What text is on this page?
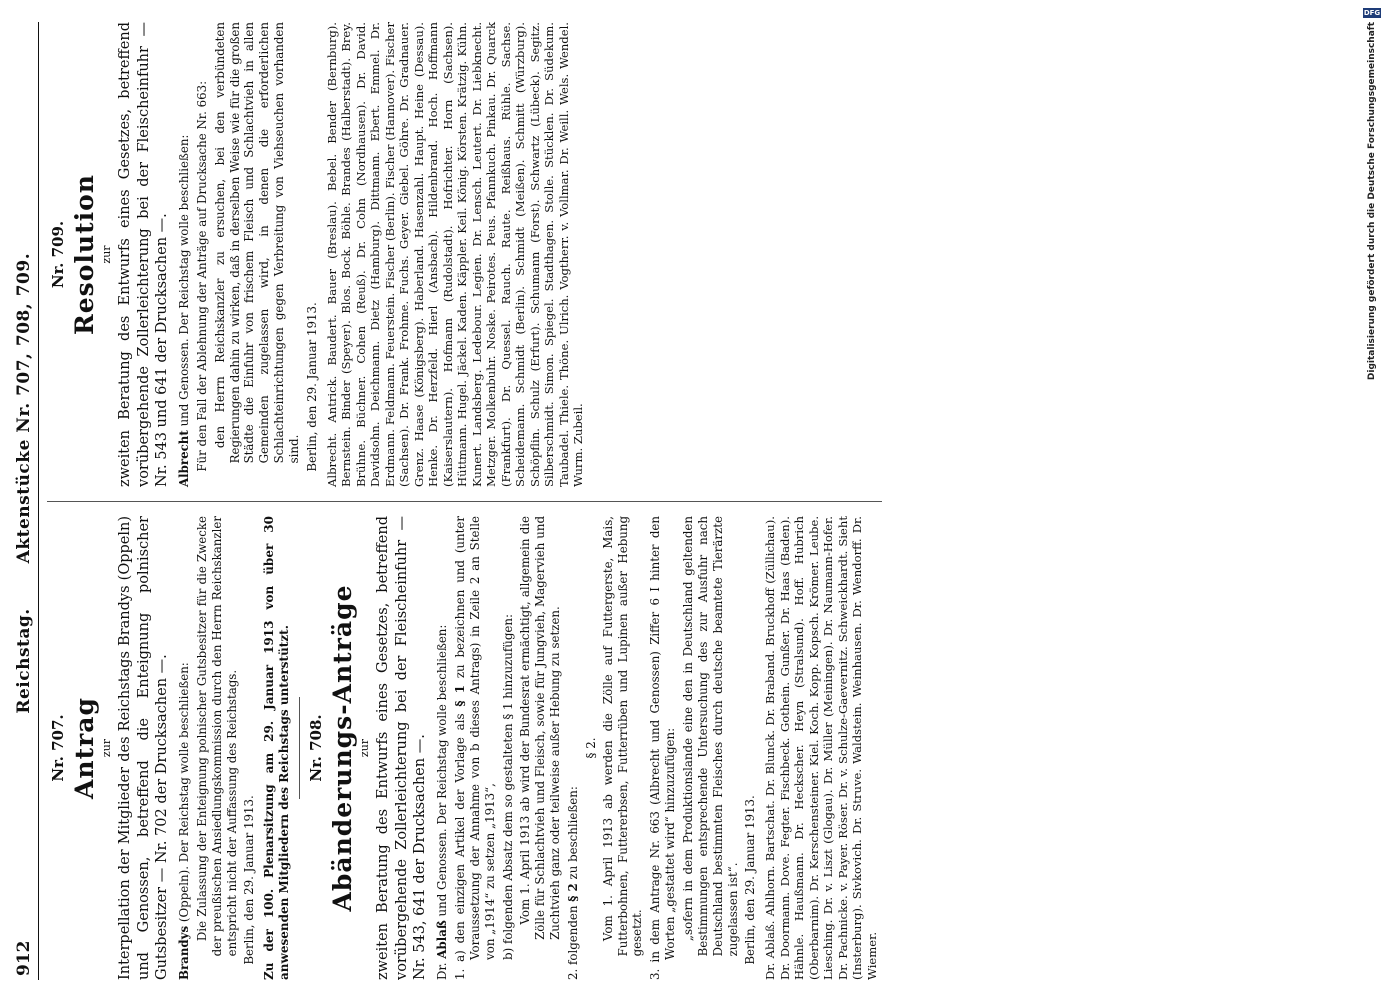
912
Reichstag.       Aktenstücke Nr. 707, 708, 709.
Nr. 707. Antrag zur Interpellation der Mitglieder des Reichstags Brandys (Oppeln) und Genossen, betreffend die Enteignung polnischer Gutsbesitzer — Nr. 702 der Drucksachen —. Brandys (Oppeln). Der Reichstag wolle beschließen: Die Zulassung der Enteignung polnischer Gutsbesitzer für die Zwecke der preußischen Ansiedlungskommission durch den Herrn Reichskanzler entspricht nicht der Auffassung des Reichstags. Berlin, den 29. Januar 1913. Zu der 100. Plenarsitzung am 29. Januar 1913 von über 30 anwesenden Mitgliedern des Reichstags unterstützt. Nr. 708. Abänderungs-Anträge zur zweiten Beratung des Entwurfs eines Gesetzes, betreffend vorübergehende Zollerleichterung bei der Fleischeinfuhr — Nr. 543, 641 der Drucksachen —. Dr. Ablaß und Genossen. Der Reichstag wolle beschließen: 1. a) den einzigen Artikel der Vorlage als § 1 zu bezeichnen und (unter Voraussetzung der Annahme von b dieses Antrags) in Zeile 2 an Stelle von „1914“ zu setzen „1913“, b) folgenden Absatz dem so gestalteten § 1 hinzuzufügen: Vom 1. April 1913 ab wird der Bundesrat ermächtigt, allgemein die Zölle für Schlachtvieh und Fleisch, sowie für Jungvieh, Magervieh und Zuchtvieh ganz oder teilweise außer Hebung zu setzen.

2. folgenden § 2 zu beschließen:

§ 2. Vom 1. April 1913 ab werden die Zölle auf Futtergerste, Mais, Futterbohnen, Futtererbsen, Futterrüben und Lupinen außer Hebung gesetzt. 3. in dem Antrage Nr. 663 (Albrecht und Genossen) Ziffer 6 I hinter den Worten „gestattet wird“ hinzuzufügen: „sofern in dem Produktionslande eine den in Deutschland geltenden Bestimmungen entsprechende Untersuchung des zur Ausfuhr nach Deutschland bestimmten Fleisches durch deutsche beamtete Tierärzte zugelassen ist“. Berlin, den 29. Januar 1913. Dr. Ablaß. Ahlhorn. Bartschat. Dr. Blunck. Dr. Braband. Bruckhoff (Züllichau). Dr. Doormann. Dove. Fegter. Fischbeck. Gothein. Gunßer. Dr. Haas (Baden). Hähnle. Haußmann. Dr. Heckscher. Heyn (Stralsund). Hoff. Hubrich (Oberbarnim). Dr. Kerschensteiner. Kiel. Koch. Kopp. Kopsch. Krömer. Leube. Liesching. Dr. v. Liszt (Glogau). Dr. Müller (Meiningen). Dr. Naumann-Hofer. Dr. Pachnicke. v. Payer. Röser. Dr. v. Schulze-Gaevernitz. Schweickhardt. Sieht (Insterburg). Sivkovich. Dr. Struve. Waldstein. Weinhausen. Dr. Wendorff. Dr. Wiemer.

Nr. 709. Resolution zur zweiten Beratung des Entwurfs eines Gesetzes, betreffend vorübergehende Zollerleichterung bei der Fleischeinfuhr — Nr. 543 und 641 der Drucksachen —. Albrecht und Genossen. Der Reichstag wolle beschließen: Für den Fall der Ablehnung der Anträge auf Drucksache Nr. 663: den Herrn Reichskanzler zu ersuchen, bei den verbündeten Regierungen dahin zu wirken, daß in derselben Weise wie für die großen Städte die Einfuhr von frischem Fleisch und Schlachtvieh in allen Gemeinden zugelassen wird, in denen die erforderlichen Schlachteinrichtungen gegen Verbreitung von Viehseuchen vorhanden sind. Berlin, den 29. Januar 1913. Albrecht. Antrick. Baudert. Bauer (Breslau). Bebel. Bender (Bernburg). Bernstein. Binder (Speyer). Blos. Bock. Böhle. Brandes (Halberstadt). Brey. Brühne. Büchner. Cohen (Reuß). Dr. Cohn (Nordhausen). Dr. David. Davidsohn. Deichmann. Dietz (Hamburg). Dittmann. Ebert. Emmel. Dr. Erdmann. Feldmann. Feuerstein. Fischer (Berlin). Fischer (Hannover). Fischer (Sachsen). Dr. Frank. Frohme. Fuchs. Geyer. Giebel. Göhre. Dr. Gradnauer. Grenz. Haase (Königsberg). Haberland. Hasenzahl. Haupt. Heine (Dessau). Henke. Dr. Herzfeld. Hierl (Ansbach). Hildenbrand. Hoch. Hoffmann (Kaiserslautern). Hofmann (Rudolstadt). Hofrichter. Horn (Sachsen). Hüttmann. Hugel. Jäckel. Kaden. Käppler. Keil. König. Körsten. Krätzig. Kühn. Kunert. Landsberg. Ledebour. Legien. Dr. Lensch. Leutert. Dr. Liebknecht. Metzger. Molkenbuhr. Noske. Peirotes. Peus. Pfannkuch. Pinkau. Dr. Quarck (Frankfurt). Dr. Quessel. Rauch. Raute. Reißhaus. Rühle. Sachse. Scheidemann. Schmidt (Berlin). Schmidt (Meißen). Schmitt (Würzburg). Schöpflin. Schulz (Erfurt). Schumann (Forst). Schwartz (Lübeck). Segitz. Silberschmidt. Simon. Spiegel. Stadthagen. Stolle. Stücklen. Dr. Südekum. Taubadel. Thiele. Thöne. Ulrich. Vogtherr. v. Vollmar. Dr. Weill. Wels. Wendel. Wurm. Zubeil.

DFG
Digitalisierung gefördert durch die Deutsche Forschungsgemeinschaft
